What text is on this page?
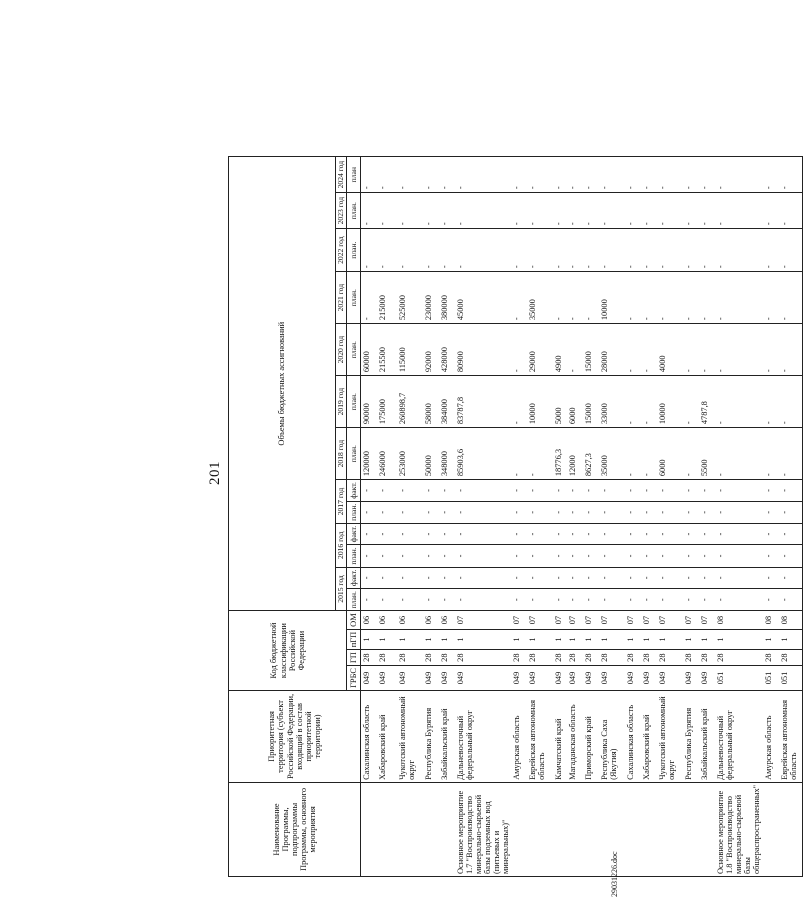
201
Наименование Программы, подпрограммы Программы, основного мероприятия	Приоритетная территория (субъект Российской Федерации, входящий в состав приоритетной территории)	Код бюджетной классификации Российской Федерации				Объемы бюджетных ассигнований												
						2015 год		2016 год		2017 год		2018 год	2019 год	2020 год	2021 год	2022 год	2023 год	2024 год
		ГРБС	ГП	пГП	ОМ	план.	факт.	план.	факт.	план.	факт.	план.	план.	план.	план.	план.	план.	план
	Сахалинская область	049	28	1	06	-	-	-	-	-	-	120000	90000	60000	-	-	-	-
	Хабаровский край	049	28	1	06	-	-	-	-	-	-	246000	175000	215500	215000	-	-	-
	Чукотский автономный округ	049	28	1	06	-	-	-	-	-	-	253000	260898,7	115000	525000	-	-	-
	Республика Бурятия	049	28	1	06	-	-	-	-	-	-	50000	58000	92000	230000	-	-	-
	Забайкальский край	049	28	1	06	-	-	-	-	-	-	348000	384000	428000	380000	-	-	-
Основное мероприятие 1.7 "Воспроизводство минерально-сырьевой базы подземных вод (питьевых и минеральных)"	Дальневосточный федеральный округ	049	28	1	07	-	-	-	-	-	-	85903,6	83787,8	80900	45000	-	-	-
	Амурская область	049	28	1	07	-	-	-	-	-	-	-	-	-	-	-	-	-
	Еврейская автономная область	049	28	1	07	-	-	-	-	-	-	-	10000	29000	35000	-	-	-
	Камчатский край	049	28	1	07	-	-	-	-	-	-	18776,3	5000	4900	-	-	-	-
	Магаданская область	049	28	1	07	-	-	-	-	-	-	12000	6000	-	-	-	-	-
	Приморский край	049	28	1	07	-	-	-	-	-	-	8627,3	15000	15000	-	-	-	-
	Республика Саха (Якутия)	049	28	1	07	-	-	-	-	-	-	35000	33000	28000	10000	-	-	-
	Сахалинская область	049	28	1	07	-	-	-	-	-	-	-	-	-	-	-	-	-
	Хабаровский край	049	28	1	07	-	-	-	-	-	-	-	-	-	-	-	-	-
	Чукотский автономный округ	049	28	1	07	-	-	-	-	-	-	6000	10000	4000	-	-	-	-
	Республика Бурятия	049	28	1	07	-	-	-	-	-	-	-	-	-	-	-	-	-
	Забайкальский край	049	28	1	07	-	-	-	-	-	-	5500	4787,8	-	-	-	-	-
Основное мероприятие 1.8 "Воспроизводство минерально-сырьевой базы общераспространенных"	Дальневосточный федеральный округ	051	28	1	08	-	-	-	-	-	-	-	-	-	-	-	-	-
	Амурская область	051	28	1	08	-	-	-	-	-	-	-	-	-	-	-	-	-
	Еврейская автономная область	051	28	1	08	-	-	-	-	-	-	-	-	-	-	-	-	-
29031226.doc
